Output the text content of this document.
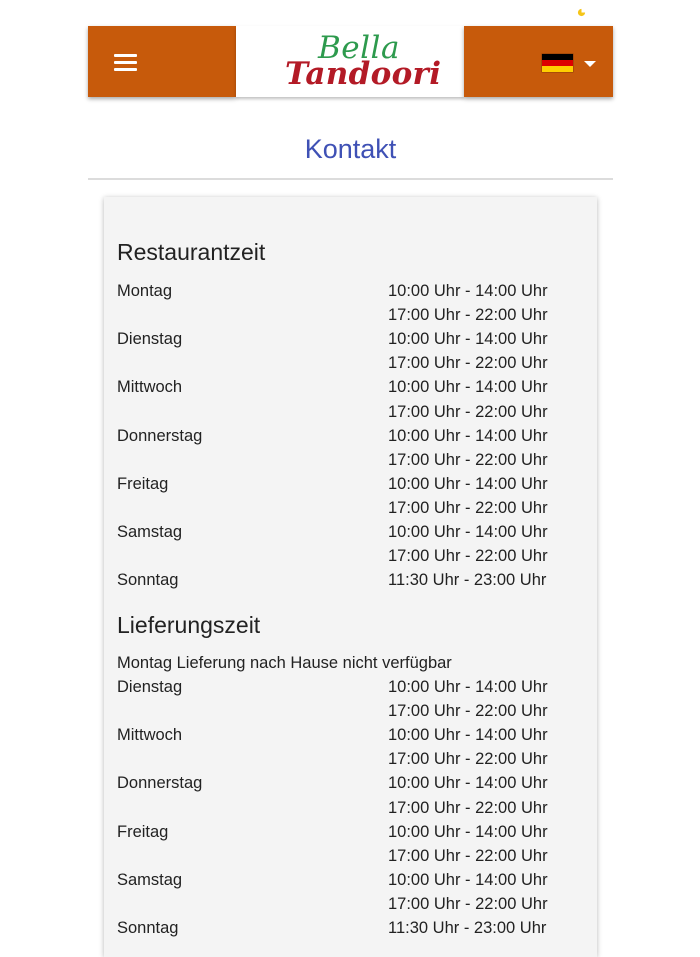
Bella
Tandoori
Kontakt
Restaurantzeit
Montag	10:00 Uhr - 14:00 Uhr
17:00 Uhr - 22:00 Uhr
Dienstag	10:00 Uhr - 14:00 Uhr
17:00 Uhr - 22:00 Uhr
Mittwoch	10:00 Uhr - 14:00 Uhr
17:00 Uhr - 22:00 Uhr
Donnerstag	10:00 Uhr - 14:00 Uhr
17:00 Uhr - 22:00 Uhr
Freitag	10:00 Uhr - 14:00 Uhr
17:00 Uhr - 22:00 Uhr
Samstag	10:00 Uhr - 14:00 Uhr
17:00 Uhr - 22:00 Uhr
Sonntag	11:30 Uhr - 23:00 Uhr
Lieferungszeit
Montag Lieferung nach Hause nicht verfügbar
Dienstag	10:00 Uhr - 14:00 Uhr
17:00 Uhr - 22:00 Uhr
Mittwoch	10:00 Uhr - 14:00 Uhr
17:00 Uhr - 22:00 Uhr
Donnerstag	10:00 Uhr - 14:00 Uhr
17:00 Uhr - 22:00 Uhr
Freitag	10:00 Uhr - 14:00 Uhr
17:00 Uhr - 22:00 Uhr
Samstag	10:00 Uhr - 14:00 Uhr
17:00 Uhr - 22:00 Uhr
Sonntag	11:30 Uhr - 23:00 Uhr
